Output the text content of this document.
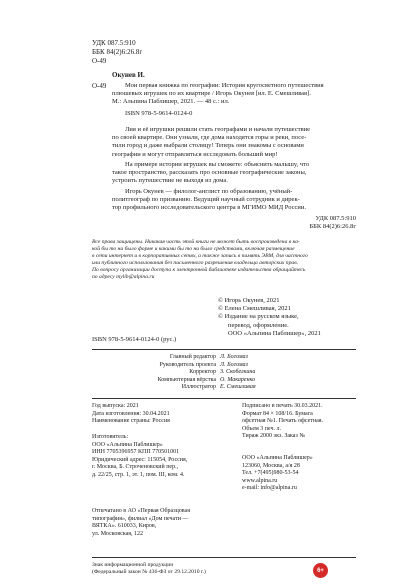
УДК 087.5:910
ББК 84(2)6:26.8г
О-49
Окунев И.
О-49	Мои первая книжка по географии: История кругосветного путешествия
плюшевых игрушек по их квартире / Игорь Окунев [ил. Е. Смешливая].
М.: Альпина Паблишер, 2021. — 48 с.: ил.
ISBN 978-5-9614-0124-0
Лия и её игрушки решили стать географами и начали путешествие
по своей квартире. Они узнали, где дома находятся горы и реки, посе-
тили город и даже выбрали столицу! Теперь они знакомы с основами
географии и могут отправляться исследовать больший мир!
На примере истории игрушек вы сможете: объяснить малышу, что
такое пространство, рассказать про основные географические законы,
устроить путешествие не выходя из дома.
Игорь Окунев — филолог-англист по образованию, учёный-
политгеограф по призванию. Ведущий научный сотрудник и дирек-
тор профильного исследовательского центра в МГИМО МИД России.
УДК 087.5:910
ББК 84(2)6:26.8г
Все права защищены. Никакая часть этой книги не может быть воспроизведена в ка-
кой бы то ни было форме и какими бы то ни было средствами, включая размещение
в сети интернет и в корпоративных сетях, а также запись в память ЭВМ, для частного
или публичного использования без письменного разрешения владельца авторских прав.
По вопросу организации доступа к электронной библиотеке издательства обращайтесь
по адресу mylib@alpina.ru
© Игорь Окунев, 2021
© Елена Смешливая, 2021
© Издание на русском языке,
перевод, оформление.
ООО «Альпина Паблишер», 2021
ISBN 978-5-9614-0124-0 (рус.)
Главный редактор Л. Богомаз
Руководитель проекта Л. Богомаз
Корректор З. Скобелкина
Компьютерная вёрстка О. Макаренко
Иллюстратор Е. Смешливая
Год выпуска: 2021
Дата изготовления: 30.04.2021
Наименование страны: Россия
Подписано в печать 30.03.2021.
Формат 84 × 108/16. Бумага
офсетная №1. Печать офсетная.
Объем 3 печ. л.
Тираж 2000 экз. Заказ №
Изготовитель:
ООО «Альпина Паблишер»
ИНН 7705396957 КПП 770501001
Юридический адрес: 115054, Россия,
г. Москва, Б. Строченовский пер.,
д. 22/25, стр. 1, эт. 1, пом. III, ком. 4.
ООО «Альпина Паблишер»
123060, Москва, а/я 28
Тел. +7(495)980-53-54
www.alpina.ru
e-mail: info@alpina.ru
Отпечатано в АО «Первая Образцовая
типография», филиал «Дом печати —
ВЯТКА». 610033, Киров,
ул. Московская, 122
Знак информационной продукции
(Федеральный закон № 436-ФЗ от 29.12.2010 г.)	6+
